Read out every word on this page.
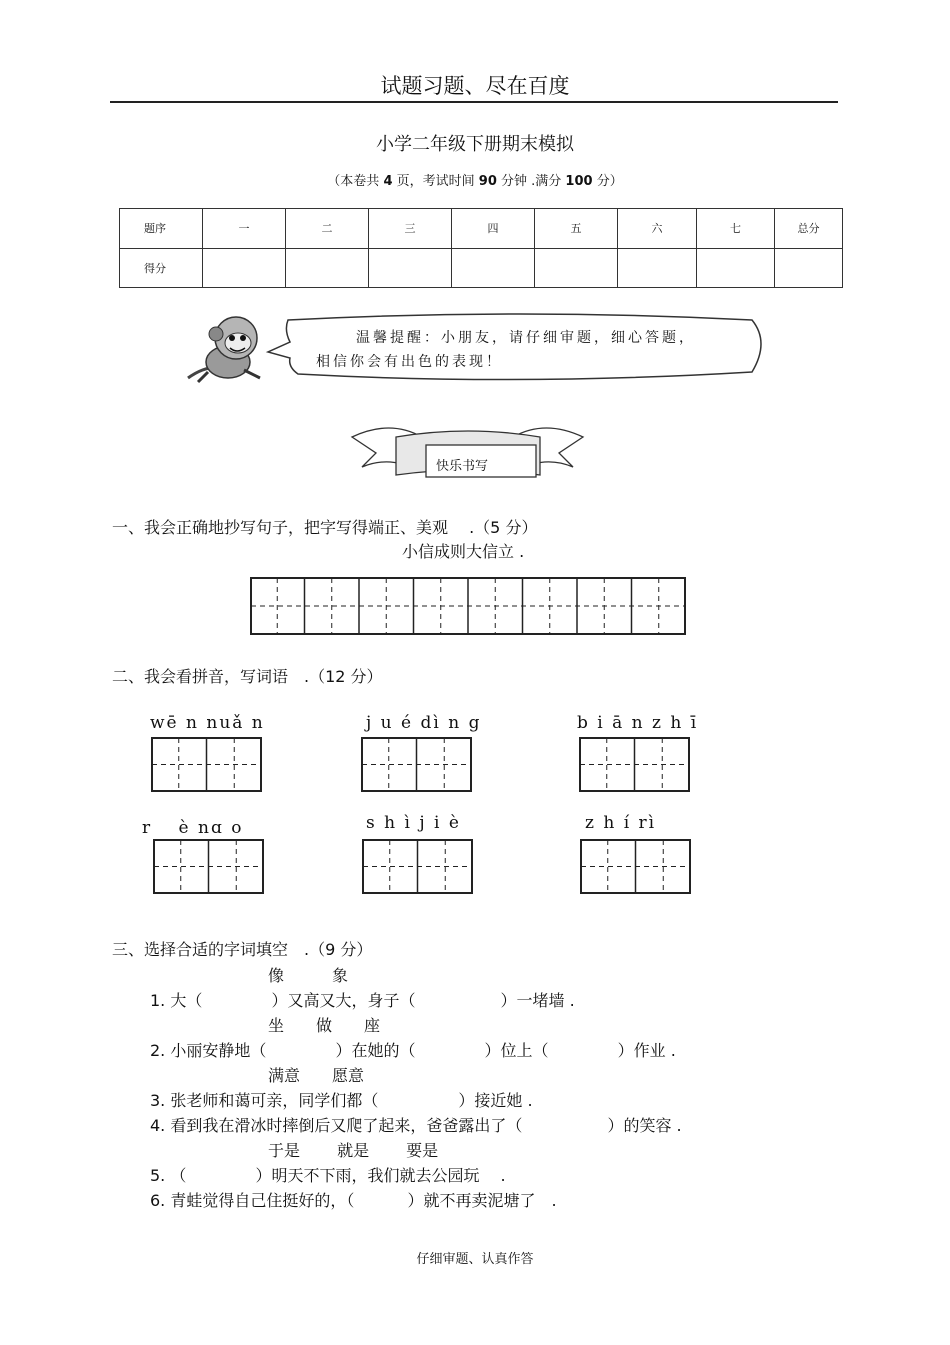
试题习题、尽在百度
小学二年级下册期末模拟
（本卷共 4 页，考试时间 90 分钟 .满分 100 分）
题序	一	二	三	四	五	六	七	总分
得分								
温馨提醒：小朋友，请仔细审题，细心答题，
相信你会有出色的表现！
快乐书写
一、我会正确地抄写句子，把字写得端正、美观　 .（5 分）
小信成则大信立 .
二、我会看拼音，写词语　.（12 分）
wē n nuǎ n	j u é dì n g	b i ā n z h ī
r　 è nɑ o	s h ì j i è	z h í rì
三、选择合适的字词填空　.（9 分）
像　　　象
1. 大（　　　　 ）又高又大，身子（　　　　　 ）一堵墙 .
坐　　做　　座
2. 小丽安静地（　　　　 ）在她的（　　　　 ）位上（　　　　 ）作业 .
满意　　愿意
3. 张老师和蔼可亲，同学们都（　　　　　）接近她 .
4. 看到我在滑冰时摔倒后又爬了起来，爸爸露出了（　　　　　 ）的笑容 .
于是　　 就是　　 要是
5. （　　　　 ）明天不下雨，我们就去公园玩　 .
6. 青蛙觉得自己住挺好的，（　　　 ）就不再卖泥塘了　.
仔细审题、认真作答
